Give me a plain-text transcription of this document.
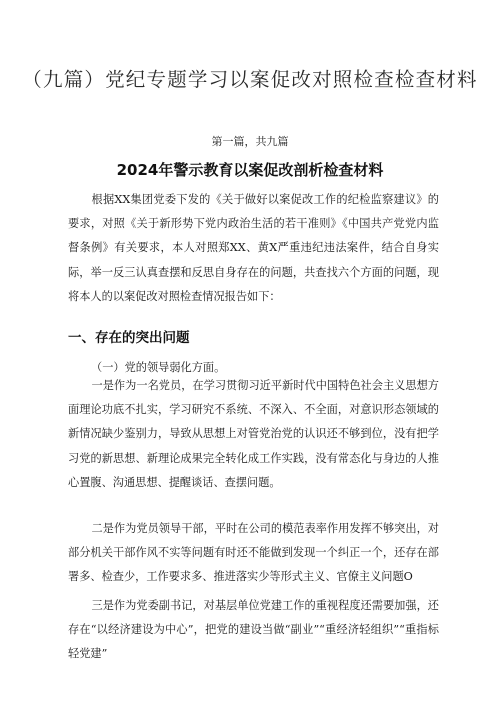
（九篇）党纪专题学习以案促改对照检查检查材料

第一篇，共九篇

2024年警示教育以案促改剖析检查材料

根据XX集团党委下发的《关于做好以案促改工作的纪检监察建议》的要求，对照《关于新形势下党内政治生活的若干准则》《中国共产党党内监督条例》有关要求，本人对照郑XX、黄X严重违纪违法案件，结合自身实际，举一反三认真查摆和反思自身存在的问题，共查找六个方面的问题，现将本人的以案促改对照检查情况报告如下：

一、存在的突出问题

（一）党的领导弱化方面。

一是作为一名党员，在学习贯彻习近平新时代中国特色社会主义思想方面理论功底不扎实，学习研究不系统、不深入、不全面，对意识形态领域的新情况缺少鉴别力，导致从思想上对管党治党的认识还不够到位，没有把学习党的新思想、新理论成果完全转化成工作实践，没有常态化与身边的人推心置腹、沟通思想、提醒谈话、查摆问题。

二是作为党员领导干部，平时在公司的模范表率作用发挥不够突出，对部分机关干部作风不实等问题有时还不能做到发现一个纠正一个，还存在部署多、检查少，工作要求多、推进落实少等形式主义、官僚主义问题O

三是作为党委副书记，对基层单位党建工作的重视程度还需要加强，还存在“以经济建设为中心”，把党的建设当做“副业”“重经济轻组织”“重指标轻党建”
